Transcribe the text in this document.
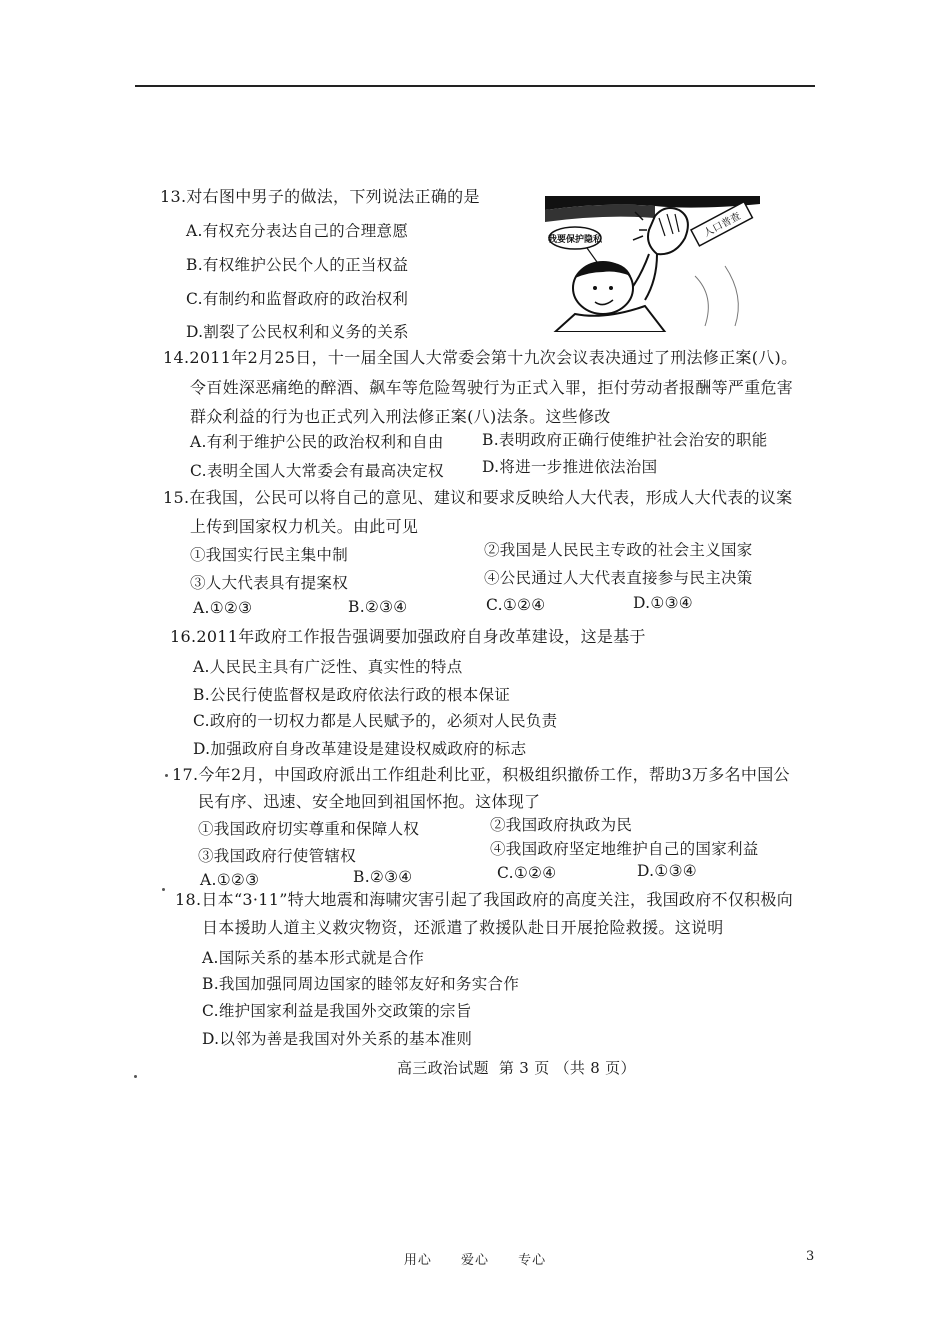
13.对右图中男子的做法，下列说法正确的是
A.有权充分表达自己的合理意愿
B.有权维护公民个人的正当权益
C.有制约和监督政府的政治权利
D.割裂了公民权利和义务的关系
我要保护隐私
人口普查
14.2011年2月25日，十一届全国人大常委会第十九次会议表决通过了刑法修正案(八)。
令百姓深恶痛绝的醉酒、飙车等危险驾驶行为正式入罪，拒付劳动者报酬等严重危害
群众利益的行为也正式列入刑法修正案(八)法条。这些修改
A.有利于维护公民的政治权利和自由 B.表明政府正确行使维护社会治安的职能
C.表明全国人大常委会有最高决定权 D.将进一步推进依法治国
15.在我国，公民可以将自己的意见、建议和要求反映给人大代表，形成人大代表的议案
上传到国家权力机关。由此可见
①我国实行民主集中制	②我国是人民民主专政的社会主义国家
③人大代表具有提案权	④公民通过人大代表直接参与民主决策
A.①②③	B.②③④	C.①②④	D.①③④
16.2011年政府工作报告强调要加强政府自身改革建设，这是基于
A.人民民主具有广泛性、真实性的特点
B.公民行使监督权是政府依法行政的根本保证
C.政府的一切权力都是人民赋予的，必须对人民负责
D.加强政府自身改革建设是建设权威政府的标志
17.今年2月，中国政府派出工作组赴利比亚，积极组织撤侨工作，帮助3万多名中国公
民有序、迅速、安全地回到祖国怀抱。这体现了
①我国政府切实尊重和保障人权	②我国政府执政为民
③我国政府行使管辖权	④我国政府坚定地维护自己的国家利益
A.①②③	B.②③④	C.①②④	D.①③④
18.日本“3·11”特大地震和海啸灾害引起了我国政府的高度关注，我国政府不仅积极向
日本援助人道主义救灾物资，还派遣了救援队赴日开展抢险救援。这说明
A.国际关系的基本形式就是合作
B.我国加强同周边国家的睦邻友好和务实合作
C.维护国家利益是我国外交政策的宗旨
D.以邻为善是我国对外关系的基本准则
高三政治试题  第 3 页 （共 8 页）
用心 爱心 专心	3
